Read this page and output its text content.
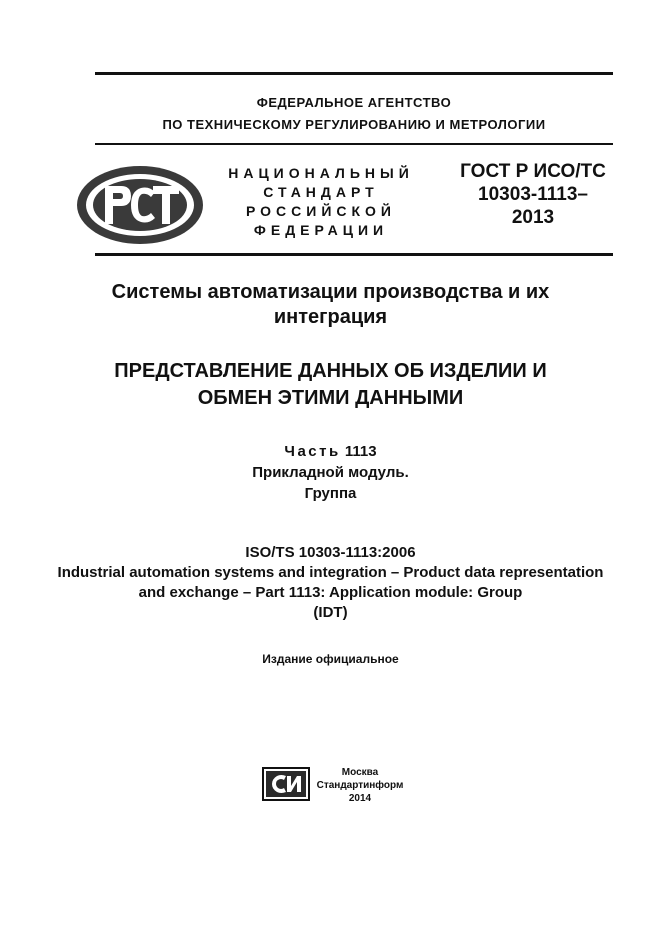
ФЕДЕРАЛЬНОЕ АГЕНТСТВО
ПО ТЕХНИЧЕСКОМУ РЕГУЛИРОВАНИЮ И МЕТРОЛОГИИ
НАЦИОНАЛЬНЫЙ
СТАНДАРТ
РОССИЙСКОЙ
ФЕДЕРАЦИИ
ГОСТ Р ИСО/ТС
10303-1113–
2013
Системы автоматизации производства и их
интеграция
ПРЕДСТАВЛЕНИЕ ДАННЫХ ОБ ИЗДЕЛИИ И
ОБМЕН ЭТИМИ ДАННЫМИ
Часть 1113
Прикладной модуль.
Группа
ISO/TS 10303-1113:2006
Industrial automation systems and integration – Product data representation
and exchange – Part 1113: Application module: Group
(IDT)
Издание официальное
Москва
Стандартинформ
2014
